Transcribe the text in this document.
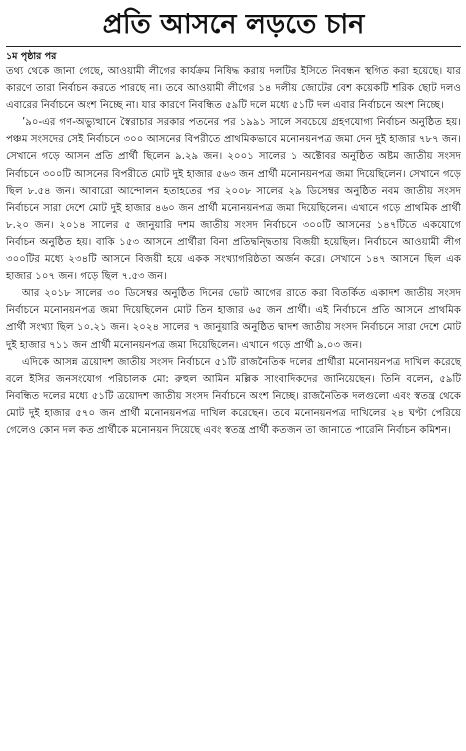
প্রতি আসনে লড়তে চান

১ম পৃষ্ঠার পর

তথ্য থেকে জানা গেছে, আওয়ামী লীগের কার্যক্রম নিষিদ্ধ করায় দলটির ইসিতে নিবন্ধন স্থগিত করা হয়েছে। যার কারণে তারা নির্বাচন করতে পারছে না। তবে আওয়ামী লীগের ১৪ দলীয় জোটের বেশ কয়েকটি শরিক ছোট দলও এবারের নির্বাচনে অংশ নিচ্ছে না। যার কারণে নিবন্ধিত ৫৯টি দলে মধ্যে ৫১টি দল এবার নির্বাচনে অংশ নিচ্ছে।

’৯০-এর গণ-অভ্যুত্থানে স্বৈরাচার সরকার পতনের পর ১৯৯১ সালে সবচেয়ে গ্রহণযোগ্য নির্বাচন অনুষ্ঠিত হয়। পঞ্চম সংসদের সেই নির্বাচনে ৩০০ আসনের বিপরীতে প্রাথমিকভাবে মনোনয়নপত্র জমা দেন দুই হাজার ৭৮৭ জন। সেখানে গড়ে আসন প্রতি প্রার্থী ছিলেন ৯.২৯ জন। ২০০১ সালের ১ অক্টোবর অনুষ্ঠিত অষ্টম জাতীয় সংসদ নির্বাচনে ৩০০টি আসনের বিপরীতে মোট দুই হাজার ৫৬৩ জন প্রার্থী মনোনয়নপত্র জমা দিয়েছিলেন। সেখানে গড়ে ছিল ৮.৫৪ জন। আবারো আন্দোলন হতাহতের পর ২০০৮ সালের ২৯ ডিসেম্বর অনুষ্ঠিত নবম জাতীয় সংসদ নির্বাচনে সারা দেশে মোট দুই হাজার ৪৬০ জন প্রার্থী মনোনয়নপত্র জমা দিয়েছিলেন। এখানে গড়ে প্রাথমিক প্রার্থী ৮.২০ জন। ২০১৪ সালের ৫ জানুয়ারি দশম জাতীয় সংসদ নির্বাচনে ৩০০টি আসনের ১৪৭টিতে একযোগে নির্বাচন অনুষ্ঠিত হয়। বাকি ১৫৩ আসনে প্রার্থীরা বিনা প্রতিদ্বন্দ্বিতায় বিজয়ী হয়েছিল। নির্বাচনে আওয়ামী লীগ ৩০০টির মধ্যে ২৩৪টি আসনে বিজয়ী হয়ে একক সংখ্যাগরিষ্ঠতা অর্জন করে। সেখানে ১৪৭ আসনে ছিল এক হাজার ১০৭ জন। গড়ে ছিল ৭.৫৩ জন।

আর ২০১৮ সালের ৩০ ডিসেম্বর অনুষ্ঠিত দিনের ভোট আগের রাতে করা বিতর্কিত একাদশ জাতীয় সংসদ নির্বাচনে মনোনয়নপত্র জমা দিয়েছিলেন মোট তিন হাজার ৬৫ জন প্রার্থী। এই নির্বাচনে প্রতি আসনে প্রাথমিক প্রার্থী সংখ্যা ছিল ১০.২১ জন। ২০২৪ সালের ৭ জানুয়ারি অনুষ্ঠিত দ্বাদশ জাতীয় সংসদ নির্বাচনে সারা দেশে মোট দুই হাজার ৭১১ জন প্রার্থী মনোনয়নপত্র জমা দিয়েছিলেন। এখানে গড়ে প্রার্থী ৯.০৩ জন।

এদিকে আসন্ন ত্রয়োদশ জাতীয় সংসদ নির্বাচনে ৫১টি রাজনৈতিক দলের প্রার্থীরা মনোনয়নপত্র দাখিল করেছে বলে ইসির জনসংযোগ পরিচালক মো: রুহুল আমিন মল্লিক সাংবাদিকদের জানিয়েছেন। তিনি বলেন, ৫৯টি নিবন্ধিত দলের মধ্যে ৫১টি ত্রয়োদশ জাতীয় সংসদ নির্বাচনে অংশ নিচ্ছে। রাজনৈতিক দলগুলো এবং স্বতন্ত্র থেকে মোট দুই হাজার ৫৭০ জন প্রার্থী মনোনয়নপত্র দাখিল করেছেন। তবে মনোনয়নপত্র দাখিলের ২৪ ঘণ্টা পেরিয়ে গেলেও কোন দল কত প্রার্থীকে মনোনয়ন দিয়েছে এবং স্বতন্ত্র প্রার্থী কতজন তা জানাতে পারেনি নির্বাচন কমিশন।
